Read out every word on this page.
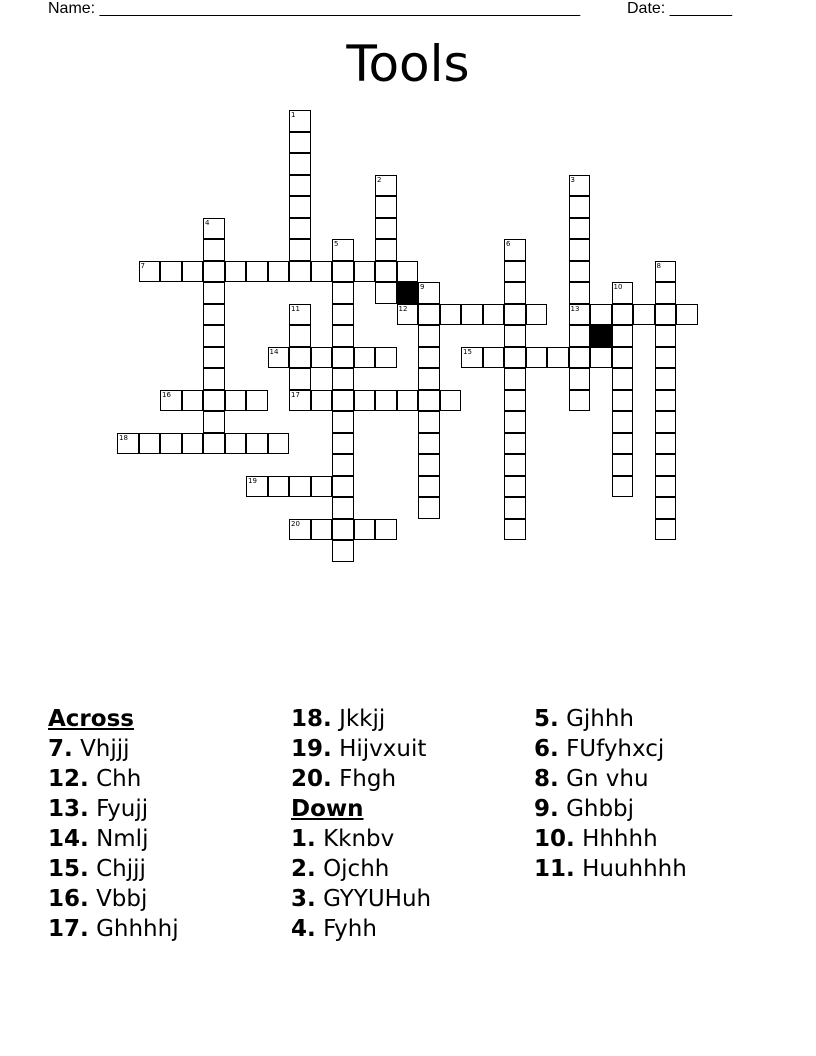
Name: ______________________________________________________	Date: _______
Tools
1
2	3
13
4
5	6
8
9	10
11
7
12
14	15
16	17
18
19
20
Across
7. Vhjjj
12. Chh
13. Fyujj
14. Nmlj
15. Chjjj
16. Vbbj
17. Ghhhhj
18. Jkkjj
19. Hijvxuit
20. Fhgh
Down
1. Kknbv
2. Ojchh
3. GYYUHuh
4. Fyhh
5. Gjhhh
6. FUfyhxcj
8. Gn vhu
9. Ghbbj
10. Hhhhh
11. Huuhhhh
